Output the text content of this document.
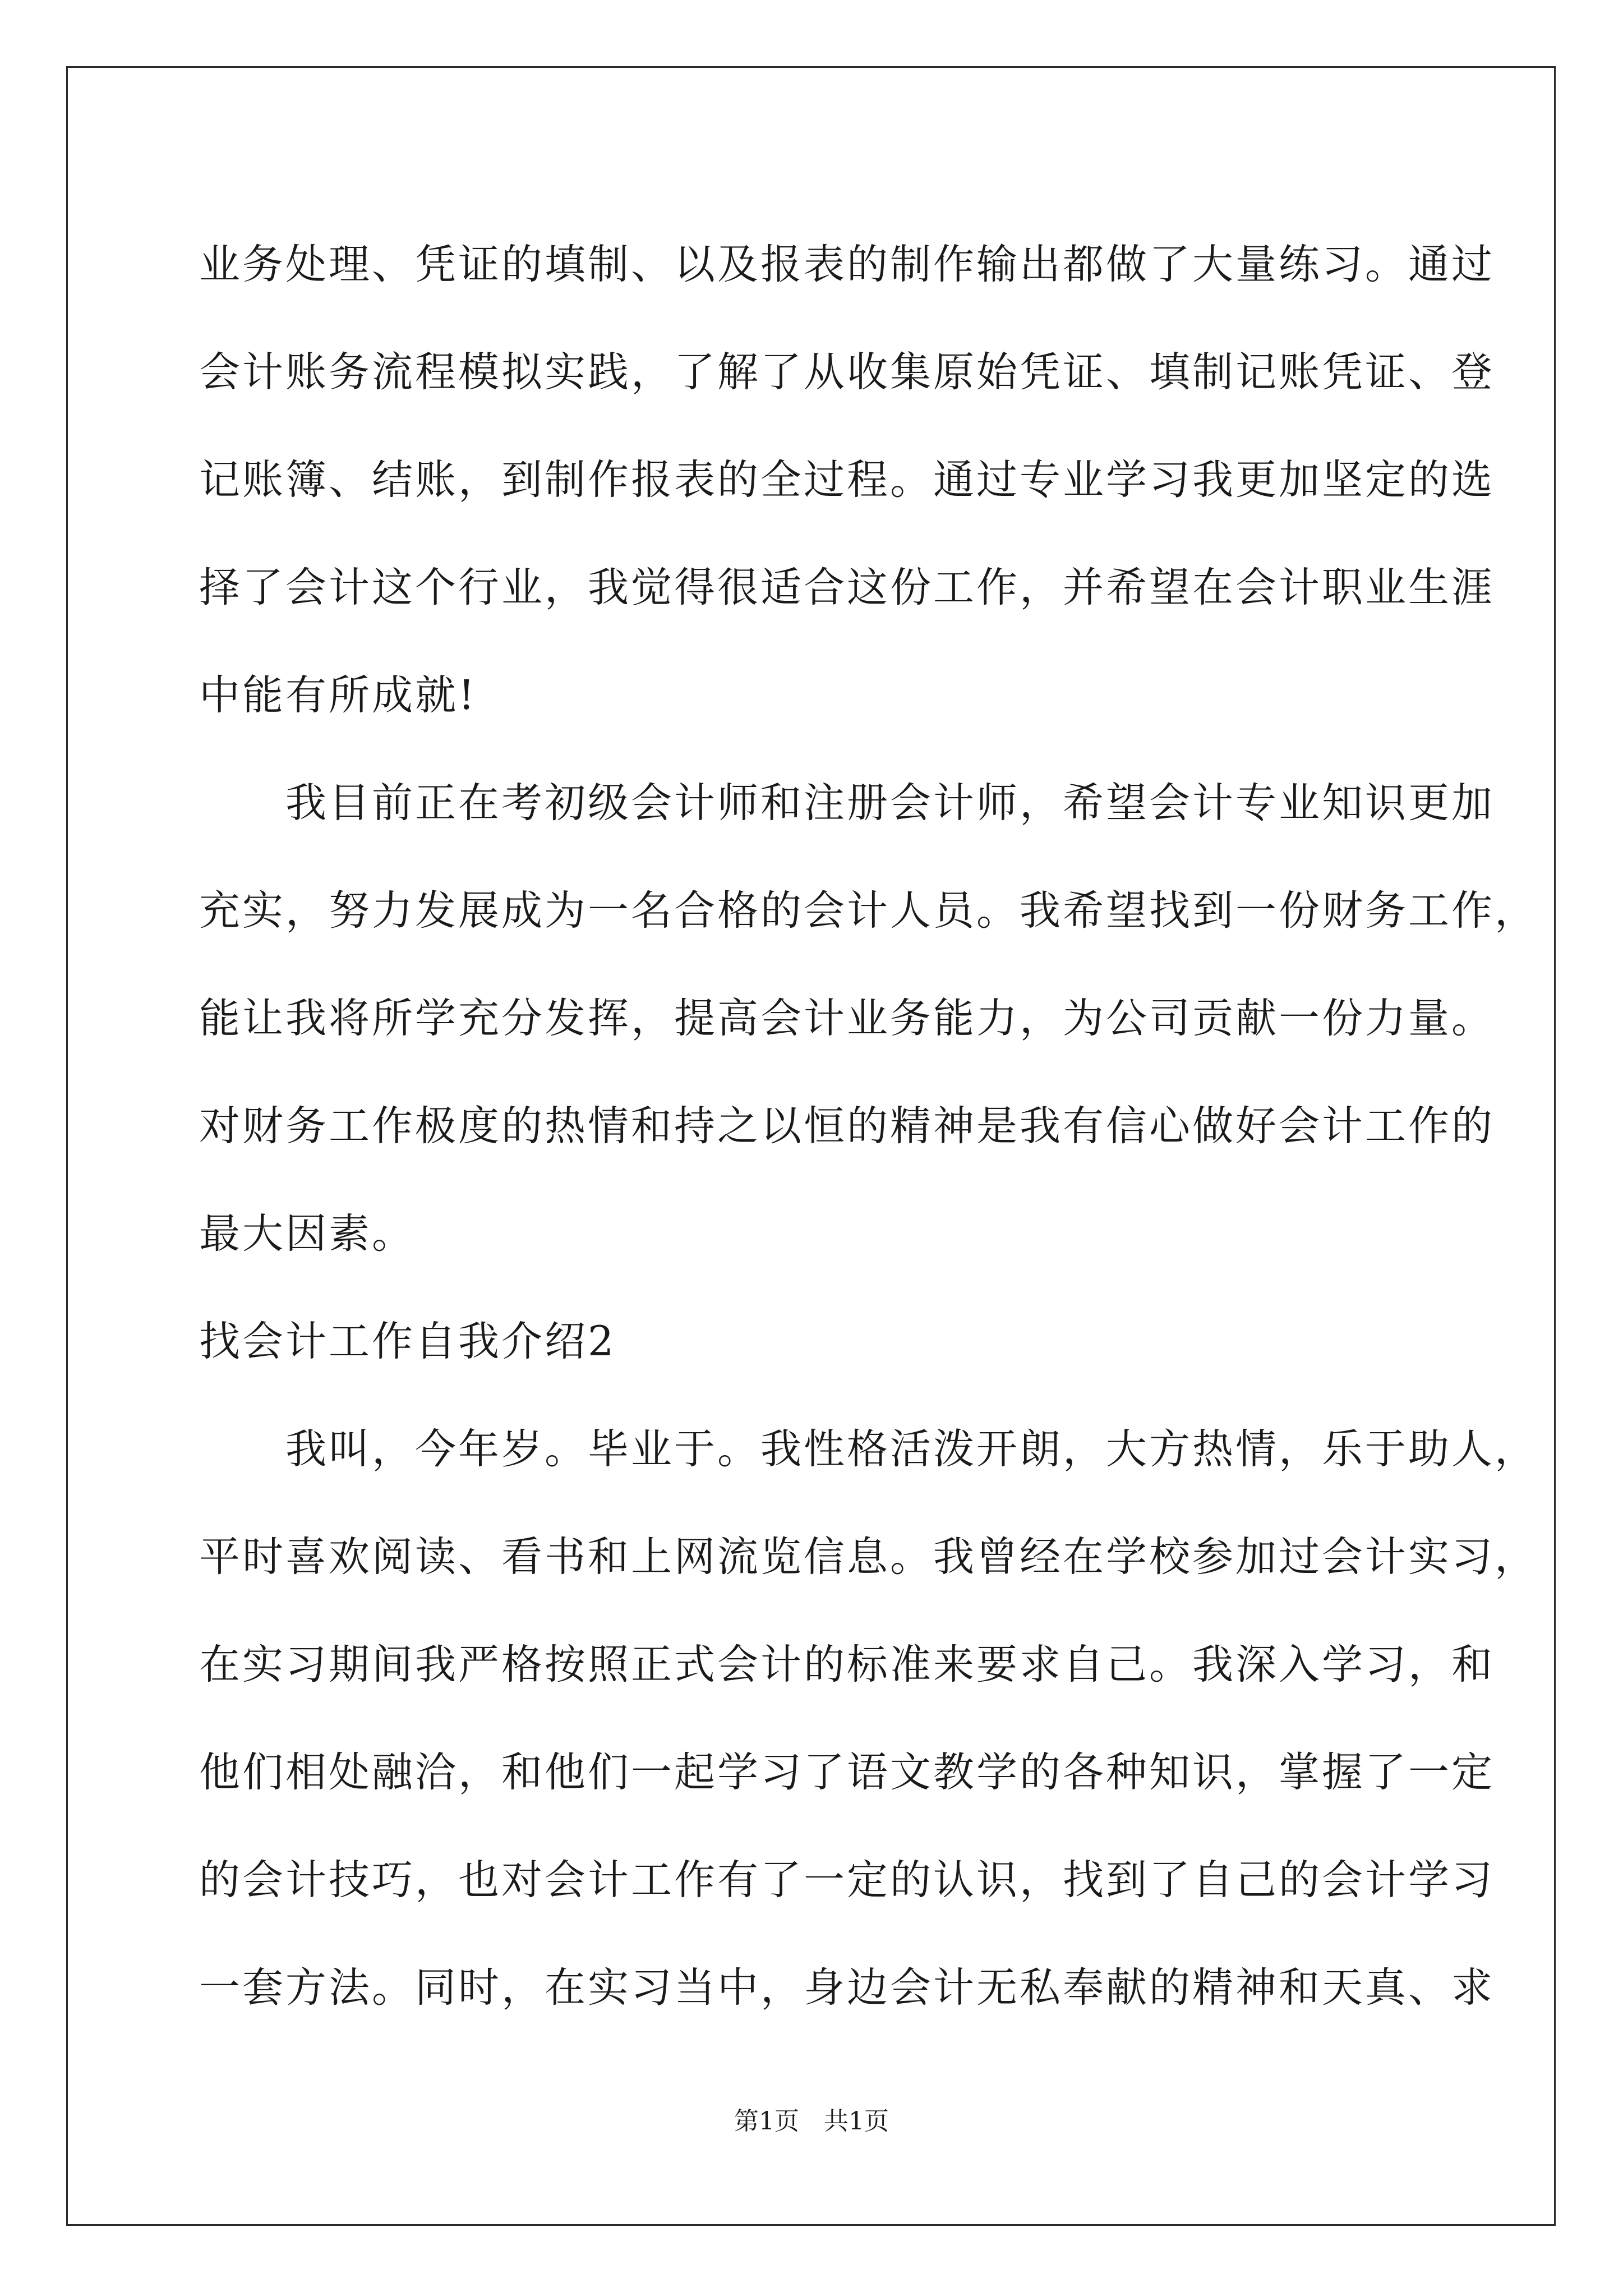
业务处理、凭证的填制、以及报表的制作输出都做了大量练习。通过
会计账务流程模拟实践，了解了从收集原始凭证、填制记账凭证、登
记账簿、结账，到制作报表的全过程。通过专业学习我更加坚定的选
择了会计这个行业，我觉得很适合这份工作，并希望在会计职业生涯
中能有所成就!
　　我目前正在考初级会计师和注册会计师，希望会计专业知识更加
充实，努力发展成为一名合格的会计人员。我希望找到一份财务工作，
能让我将所学充分发挥，提高会计业务能力，为公司贡献一份力量。
对财务工作极度的热情和持之以恒的精神是我有信心做好会计工作的
最大因素。
找会计工作自我介绍2
　　我叫，今年岁。毕业于。我性格活泼开朗，大方热情，乐于助人，
平时喜欢阅读、看书和上网流览信息。我曾经在学校参加过会计实习，
在实习期间我严格按照正式会计的标准来要求自己。我深入学习，和
他们相处融洽，和他们一起学习了语文教学的各种知识，掌握了一定
的会计技巧，也对会计工作有了一定的认识，找到了自己的会计学习
一套方法。同时，在实习当中，身边会计无私奉献的精神和天真、求
第1页　共1页
